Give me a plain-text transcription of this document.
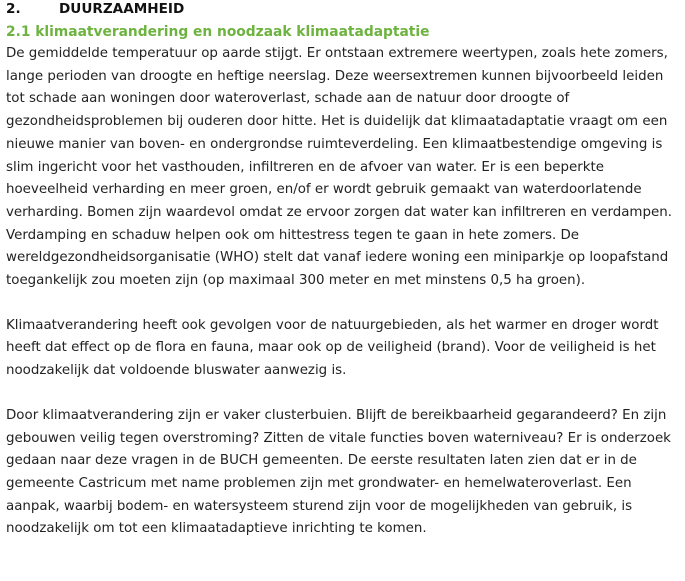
2.	DUURZAAMHEID
2.1 klimaatverandering en noodzaak klimaatadaptatie

De gemiddelde temperatuur op aarde stijgt. Er ontstaan extremere weertypen, zoals hete zomers, lange perioden van droogte en heftige neerslag. Deze weersextremen kunnen bijvoorbeeld leiden tot schade aan woningen door wateroverlast, schade aan de natuur door droogte of gezondheidsproblemen bij ouderen door hitte. Het is duidelijk dat klimaatadaptatie vraagt om een nieuwe manier van boven- en ondergrondse ruimteverdeling. Een klimaatbestendige omgeving is slim ingericht voor het vasthouden, infiltreren en de afvoer van water. Er is een beperkte hoeveelheid verharding en meer groen, en/of er wordt gebruik gemaakt van waterdoorlatende verharding. Bomen zijn waardevol omdat ze ervoor zorgen dat water kan infiltreren en verdampen. Verdamping en schaduw helpen ook om hittestress tegen te gaan in hete zomers. De wereldgezondheidsorganisatie (WHO) stelt dat vanaf iedere woning een miniparkje op loopafstand toegankelijk zou moeten zijn (op maximaal 300 meter en met minstens 0,5 ha groen).

Klimaatverandering heeft ook gevolgen voor de natuurgebieden, als het warmer en droger wordt heeft dat effect op de flora en fauna, maar ook op de veiligheid (brand). Voor de veiligheid is het noodzakelijk dat voldoende bluswater aanwezig is.

Door klimaatverandering zijn er vaker clusterbuien. Blijft de bereikbaarheid gegarandeerd? En zijn gebouwen veilig tegen overstroming? Zitten de vitale functies boven waterniveau? Er is onderzoek gedaan naar deze vragen in de BUCH gemeenten. De eerste resultaten laten zien dat er in de gemeente Castricum met name problemen zijn met grondwater- en hemelwateroverlast. Een aanpak, waarbij bodem- en watersysteem sturend zijn voor de mogelijkheden van gebruik, is noodzakelijk om tot een klimaatadaptieve inrichting te komen.
